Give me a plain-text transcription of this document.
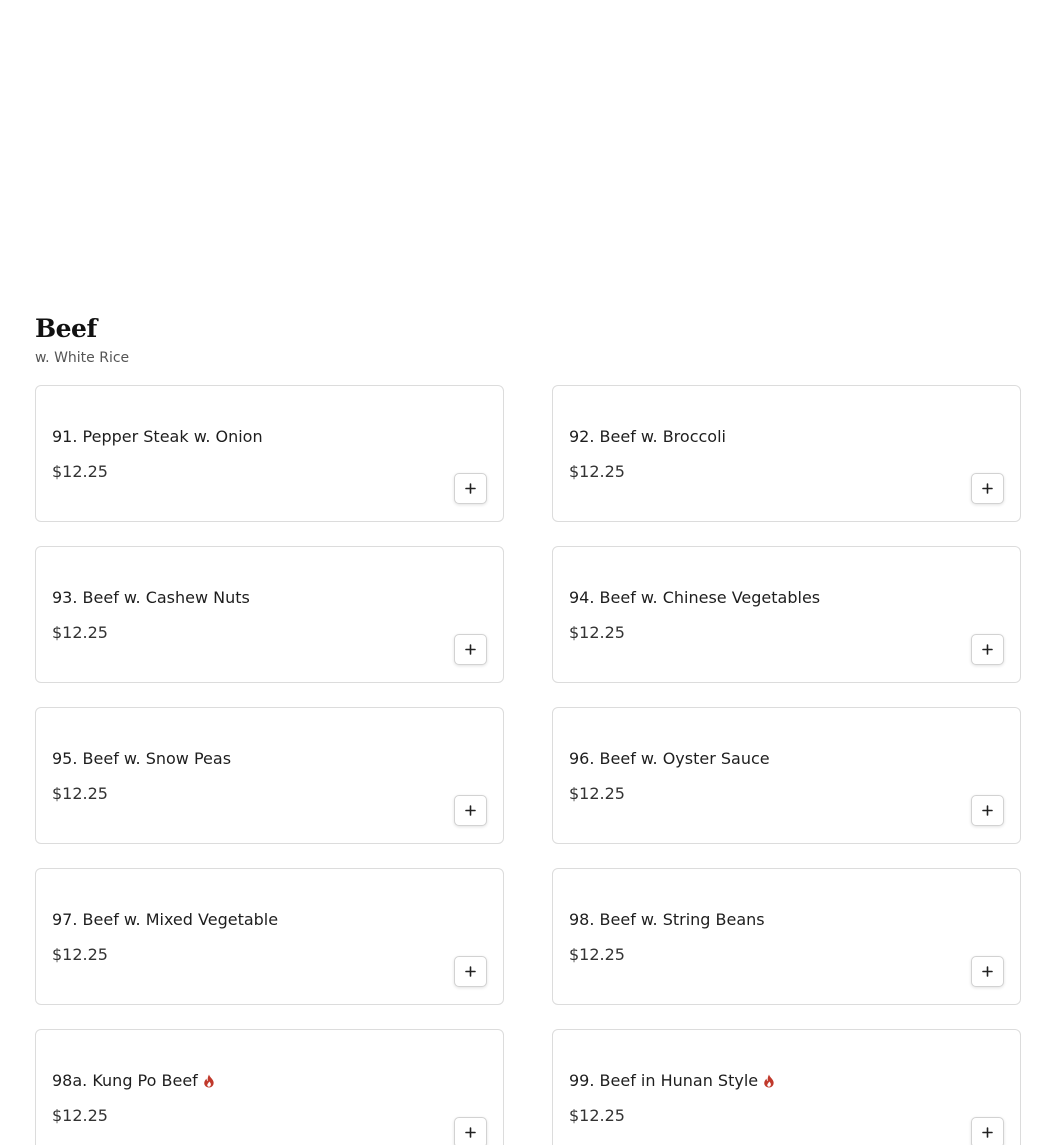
Beef

w. White Rice

91. Pepper Steak w. Onion

$12.25

92. Beef w. Broccoli

$12.25

93. Beef w. Cashew Nuts

$12.25

94. Beef w. Chinese Vegetables

$12.25

95. Beef w. Snow Peas

$12.25

96. Beef w. Oyster Sauce

$12.25

97. Beef w. Mixed Vegetable

$12.25

98. Beef w. String Beans

$12.25

98a. Kung Po Beef

$12.25

99. Beef in Hunan Style

$12.25
